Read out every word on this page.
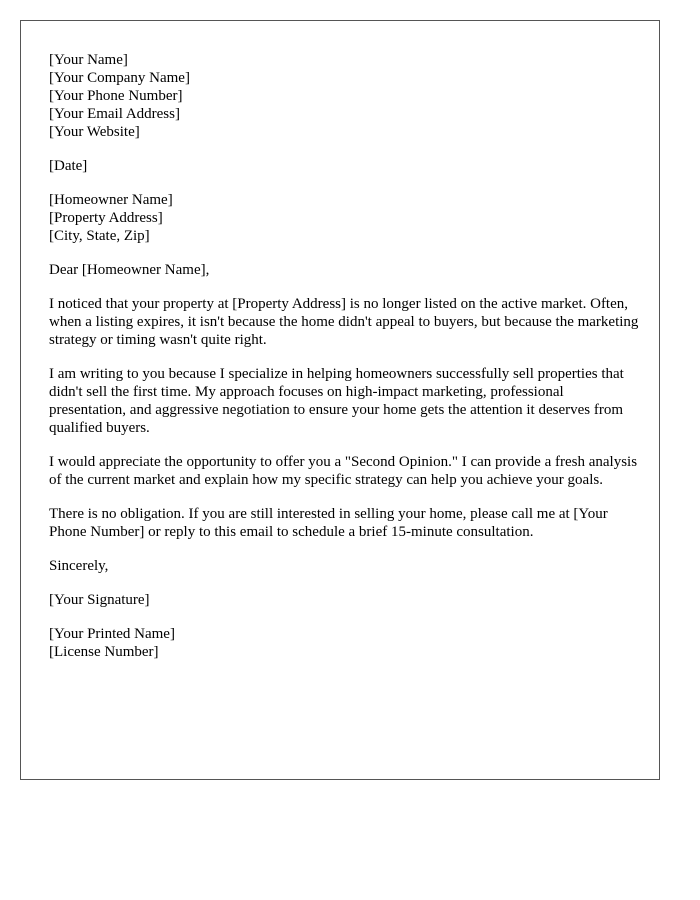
[Your Name]
[Your Company Name]
[Your Phone Number]
[Your Email Address]
[Your Website]
[Date]
[Homeowner Name]
[Property Address]
[City, State, Zip]

Dear [Homeowner Name],

I noticed that your property at [Property Address] is no longer listed on the active market. Often, when a listing expires, it isn't because the home didn't appeal to buyers, but because the marketing strategy or timing wasn't quite right.

I am writing to you because I specialize in helping homeowners successfully sell properties that didn't sell the first time. My approach focuses on high-impact marketing, professional presentation, and aggressive negotiation to ensure your home gets the attention it deserves from qualified buyers.

I would appreciate the opportunity to offer you a "Second Opinion." I can provide a fresh analysis of the current market and explain how my specific strategy can help you achieve your goals.

There is no obligation. If you are still interested in selling your home, please call me at [Your Phone Number] or reply to this email to schedule a brief 15-minute consultation.

Sincerely,

[Your Signature]

[Your Printed Name]
[License Number]
